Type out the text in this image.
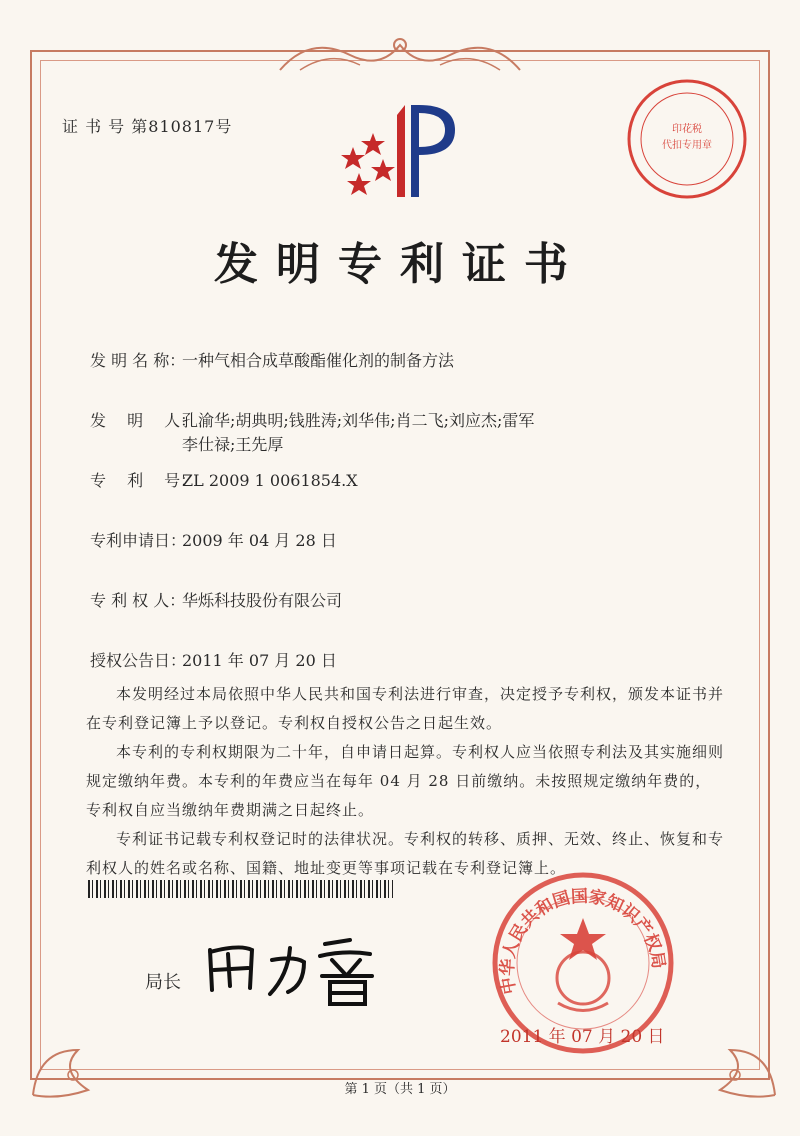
证 书 号 第810817号	印花税
代扣专用章
发明专利证书
发 明 名 称：一种气相合成草酸酯催化剂的制备方法
发　 明　 人：孔渝华;胡典明;钱胜涛;刘华伟;肖二飞;刘应杰;雷军
李仕禄;王先厚
专　 利　 号：ZL 2009 1 0061854.X
专利申请日：2009 年 04 月 28 日
专 利 权 人：华烁科技股份有限公司
授权公告日：2011 年 07 月 20 日
本发明经过本局依照中华人民共和国专利法进行审查，决定授予专利权，颁发本证书并在专利登记簿上予以登记。专利权自授权公告之日起生效。
本专利的专利权期限为二十年，自申请日起算。专利权人应当依照专利法及其实施细则规定缴纳年费。本专利的年费应当在每年 04 月 28 日前缴纳。未按照规定缴纳年费的，专利权自应当缴纳年费期满之日起终止。
专利证书记载专利权登记时的法律状况。专利权的转移、质押、无效、终止、恢复和专利权人的姓名或名称、国籍、地址变更等事项记载在专利登记簿上。
局长	中华人民共和国国家知识产权局
2011 年 07 月 20 日
第 1 页（共 1 页）
